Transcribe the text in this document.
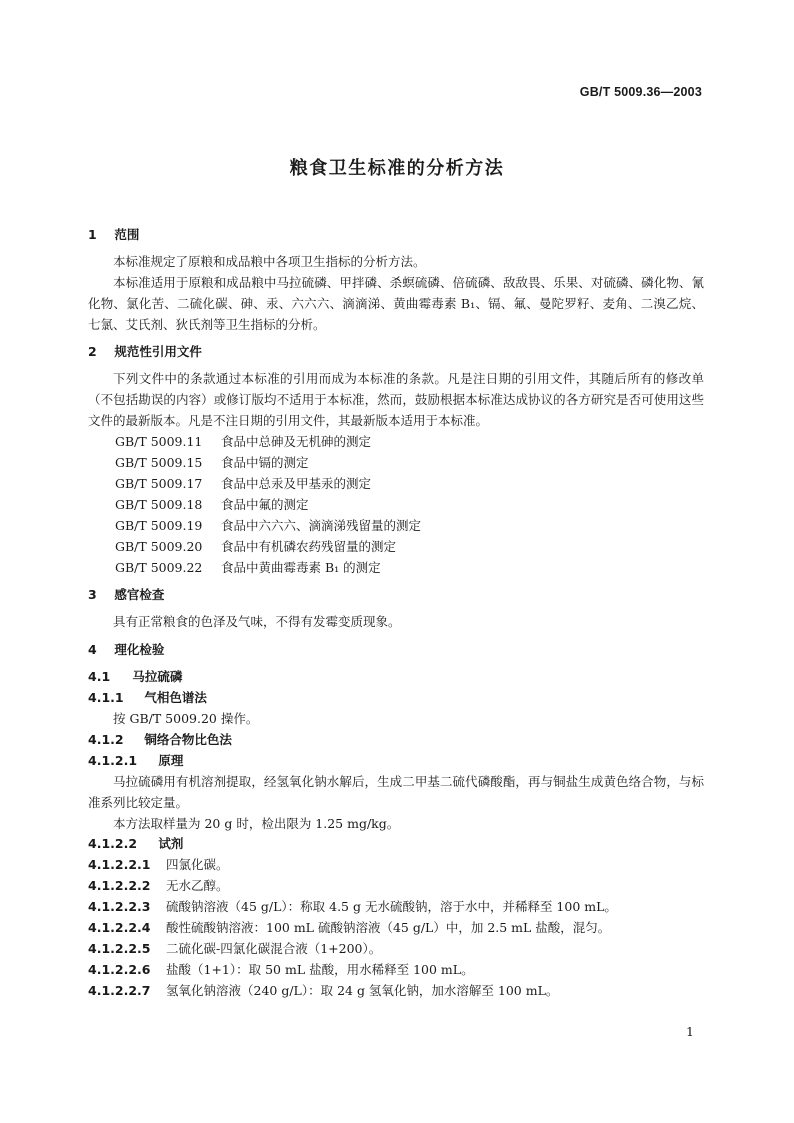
GB/T 5009.36—2003
粮食卫生标准的分析方法
1 范围
本标准规定了原粮和成品粮中各项卫生指标的分析方法。
本标准适用于原粮和成品粮中马拉硫磷、甲拌磷、杀螟硫磷、倍硫磷、敌敌畏、乐果、对硫磷、磷化物、氰化物、氯化苦、二硫化碳、砷、汞、六六六、滴滴涕、黄曲霉毒素 B₁、镉、氟、曼陀罗籽、麦角、二溴乙烷、七氯、艾氏剂、狄氏剂等卫生指标的分析。
2 规范性引用文件
下列文件中的条款通过本标准的引用而成为本标准的条款。凡是注日期的引用文件，其随后所有的修改单（不包括勘误的内容）或修订版均不适用于本标准，然而，鼓励根据本标准达成协议的各方研究是否可使用这些文件的最新版本。凡是不注日期的引用文件，其最新版本适用于本标准。
GB/T 5009.11 食品中总砷及无机砷的测定
GB/T 5009.15 食品中镉的测定
GB/T 5009.17 食品中总汞及甲基汞的测定
GB/T 5009.18 食品中氟的测定
GB/T 5009.19 食品中六六六、滴滴涕残留量的测定
GB/T 5009.20 食品中有机磷农药残留量的测定
GB/T 5009.22 食品中黄曲霉毒素 B₁ 的测定
3 感官检查
具有正常粮食的色泽及气味，不得有发霉变质现象。
4 理化检验
4.1 马拉硫磷
4.1.1 气相色谱法
按 GB/T 5009.20 操作。
4.1.2 铜络合物比色法
4.1.2.1 原理
马拉硫磷用有机溶剂提取，经氢氧化钠水解后，生成二甲基二硫代磷酸酯，再与铜盐生成黄色络合物，与标准系列比较定量。
本方法取样量为 20 g 时，检出限为 1.25 mg/kg。
4.1.2.2 试剂
4.1.2.2.1 四氯化碳。
4.1.2.2.2 无水乙醇。
4.1.2.2.3 硫酸钠溶液（45 g/L）：称取 4.5 g 无水硫酸钠，溶于水中，并稀释至 100 mL。
4.1.2.2.4 酸性硫酸钠溶液：100 mL 硫酸钠溶液（45 g/L）中，加 2.5 mL 盐酸，混匀。
4.1.2.2.5 二硫化碳-四氯化碳混合液（1+200）。
4.1.2.2.6 盐酸（1+1）：取 50 mL 盐酸，用水稀释至 100 mL。
4.1.2.2.7 氢氧化钠溶液（240 g/L）：取 24 g 氢氧化钠，加水溶解至 100 mL。
1
